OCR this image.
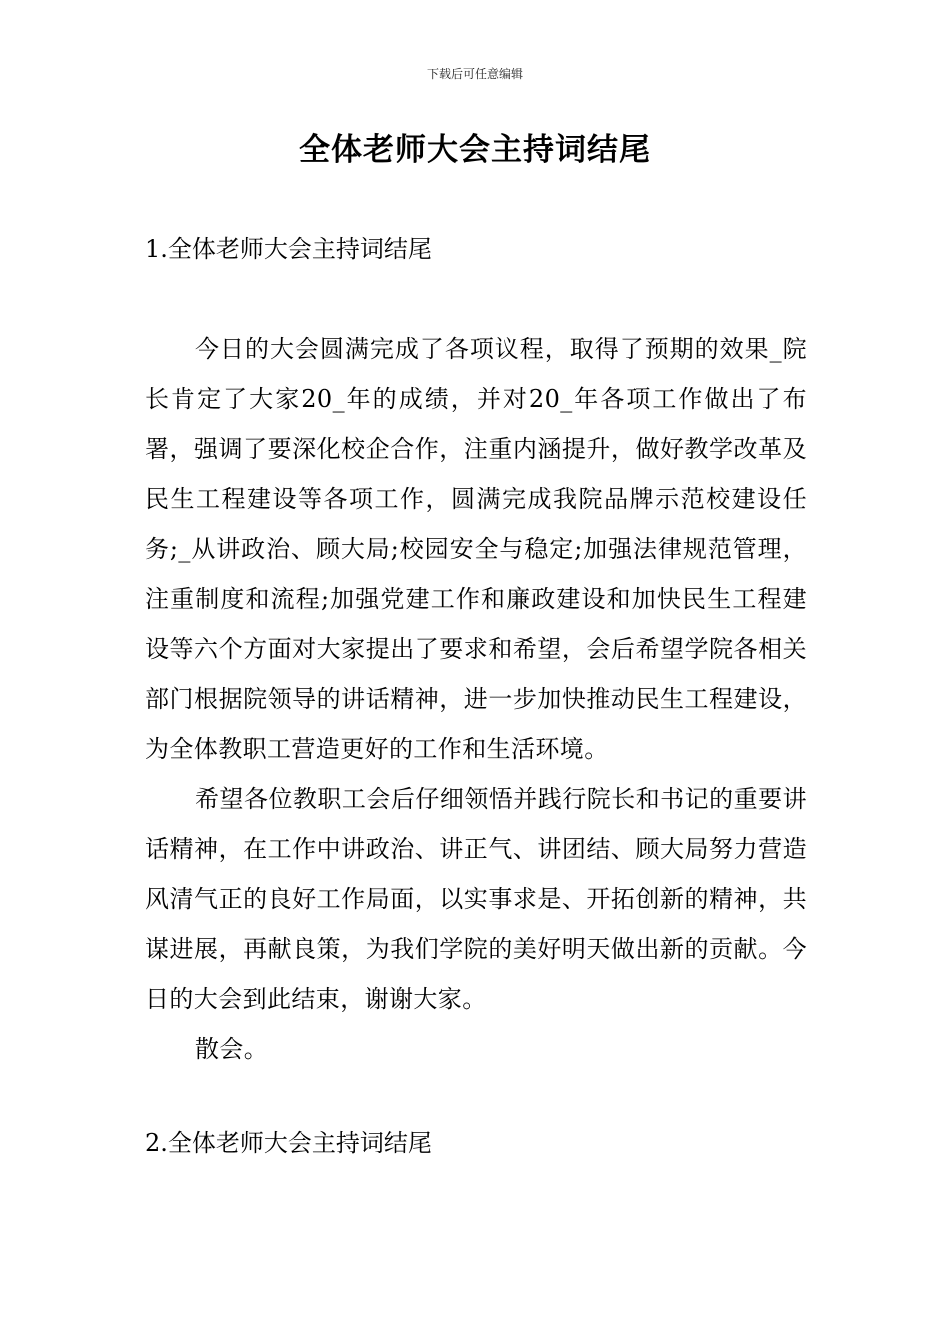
下载后可任意编辑
全体老师大会主持词结尾
1.全体老师大会主持词结尾

今日的大会圆满完成了各项议程，取得了预期的效果_院长肯定了大家20_年的成绩，并对20_年各项工作做出了布署，强调了要深化校企合作，注重内涵提升，做好教学改革及民生工程建设等各项工作，圆满完成我院品牌示范校建设任务;_从讲政治、顾大局;校园安全与稳定;加强法律规范管理，注重制度和流程;加强党建工作和廉政建设和加快民生工程建设等六个方面对大家提出了要求和希望，会后希望学院各相关部门根据院领导的讲话精神，进一步加快推动民生工程建设，为全体教职工营造更好的工作和生活环境。

希望各位教职工会后仔细领悟并践行院长和书记的重要讲话精神，在工作中讲政治、讲正气、讲团结、顾大局努力营造风清气正的良好工作局面，以实事求是、开拓创新的精神，共谋进展，再献良策，为我们学院的美好明天做出新的贡献。今日的大会到此结束，谢谢大家。

散会。

2.全体老师大会主持词结尾
